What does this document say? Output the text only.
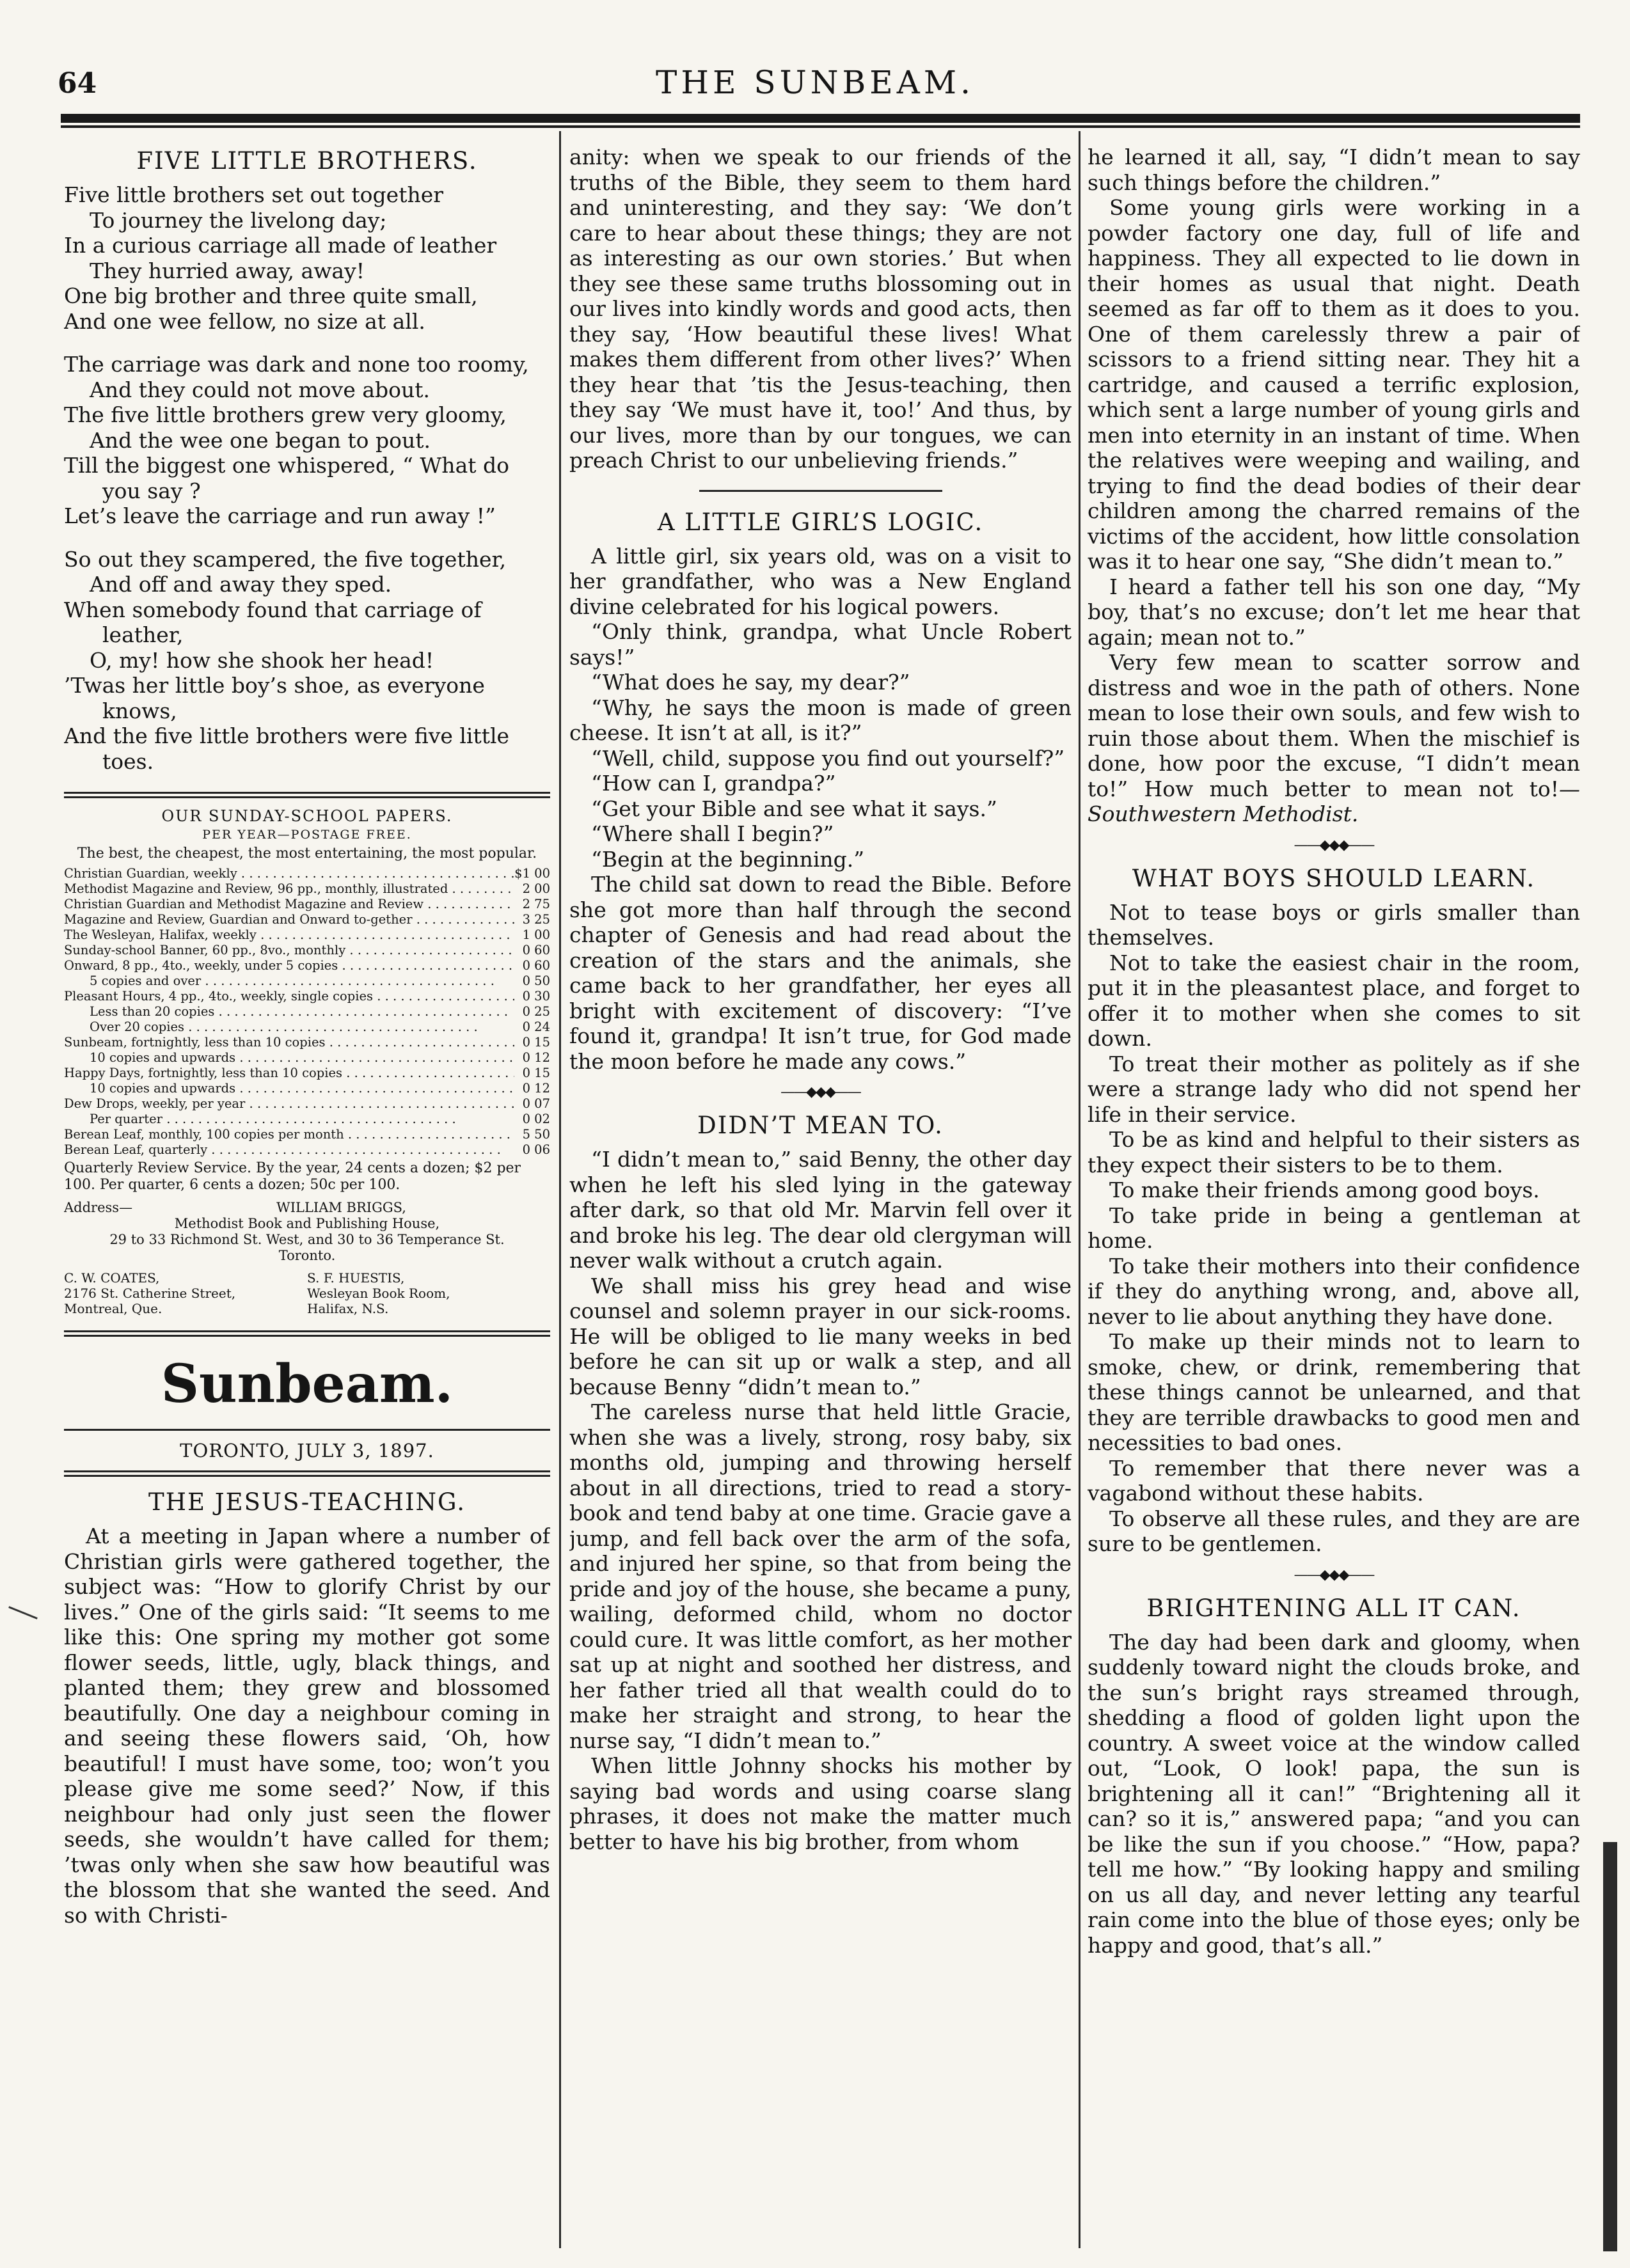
64	THE SUNBEAM.
FIVE LITTLE BROTHERS.
Five little brothers set out together
To journey the livelong day;
In a curious carriage all made of leather
They hurried away, away!
One big brother and three quite small,
And one wee fellow, no size at all.
The carriage was dark and none too roomy,
And they could not move about.
The five little brothers grew very gloomy,
And the wee one began to pout.
Till the biggest one whispered, “ What do
you say ?
Let’s leave the carriage and run away !”
So out they scampered, the five together,
And off and away they sped.
When somebody found that carriage of
leather,
O, my! how she shook her head!
’Twas her little boy’s shoe, as everyone
knows,
And the five little brothers were five little
toes.
OUR SUNDAY-SCHOOL PAPERS.
PER YEAR—POSTAGE FREE.
The best, the cheapest, the most entertaining, the most popular.
Christian Guardian, weekly . . .	$1 00
Methodist Magazine and Review, 96 pp., monthly, illustrated . . .	2 00
Christian Guardian and Methodist Magazine and Review . . .	2 75
Magazine and Review, Guardian and Onward to-gether . . .	3 25
The Wesleyan, Halifax, weekly . . .	1 00
Sunday-school Banner, 60 pp., 8vo., monthly . . .	0 60
Onward, 8 pp., 4to., weekly, under 5 copies . . .	0 60
5 copies and over . . .	0 50
Pleasant Hours, 4 pp., 4to., weekly, single copies . . .	0 30
Less than 20 copies . . .	0 25
Over 20 copies . . .	0 24
Sunbeam, fortnightly, less than 10 copies . . .	0 15
10 copies and upwards . . .	0 12
Happy Days, fortnightly, less than 10 copies . . .	0 15
10 copies and upwards . . .	0 12
Dew Drops, weekly, per year . . .	0 07
Per quarter . . .	0 02
Berean Leaf, monthly, 100 copies per month . . .	5 50
Berean Leaf, quarterly . . .	0 06
Quarterly Review Service. By the year, 24 cents a dozen; $2 per 100. Per quarter, 6 cents a dozen; 50c per 100.
Address—	WILLIAM BRIGGS,
Methodist Book and Publishing House,
29 to 33 Richmond St. West, and 30 to 36 Temperance St.
Toronto.
C. W. COATES,
2176 St. Catherine Street,
Montreal, Que.
S. F. HUESTIS,
Wesleyan Book Room,
Halifax, N.S.
Sunbeam.
TORONTO, JULY 3, 1897.
THE JESUS-TEACHING.

At a meeting in Japan where a number of Christian girls were gathered together, the subject was: “How to glorify Christ by our lives.” One of the girls said: “It seems to me like this: One spring my mother got some flower seeds, little, ugly, black things, and planted them; they grew and blossomed beautifully. One day a neighbour coming in and seeing these flowers said, ‘Oh, how beautiful! I must have some, too; won’t you please give me some seed?’ Now, if this neighbour had only just seen the flower seeds, she wouldn’t have called for them; ’twas only when she saw how beautiful was the blossom that she wanted the seed. And so with Christi-

anity: when we speak to our friends of the truths of the Bible, they seem to them hard and uninteresting, and they say: ‘We don’t care to hear about these things; they are not as interesting as our own stories.’ But when they see these same truths blossoming out in our lives into kindly words and good acts, then they say, ‘How beautiful these lives! What makes them different from other lives?’ When they hear that ’tis the Jesus-teaching, then they say ‘We must have it, too!’ And thus, by our lives, more than by our tongues, we can preach Christ to our unbelieving friends.”

A LITTLE GIRL’S LOGIC.

A little girl, six years old, was on a visit to her grandfather, who was a New England divine celebrated for his logical powers.

“Only think, grandpa, what Uncle Robert says!”

“What does he say, my dear?”

“Why, he says the moon is made of green cheese. It isn’t at all, is it?”

“Well, child, suppose you find out yourself?”

“How can I, grandpa?”

“Get your Bible and see what it says.”

“Where shall I begin?”

“Begin at the beginning.”

The child sat down to read the Bible. Before she got more than half through the second chapter of Genesis and had read about the creation of the stars and the animals, she came back to her grandfather, her eyes all bright with excitement of discovery: “I’ve found it, grandpa! It isn’t true, for God made the moon before he made any cows.”

——◆◆◆——
DIDN’T MEAN TO.

“I didn’t mean to,” said Benny, the other day when he left his sled lying in the gateway after dark, so that old Mr. Marvin fell over it and broke his leg. The dear old clergyman will never walk without a crutch again.

We shall miss his grey head and wise counsel and solemn prayer in our sick-rooms. He will be obliged to lie many weeks in bed before he can sit up or walk a step, and all because Benny “didn’t mean to.”

The careless nurse that held little Gracie, when she was a lively, strong, rosy baby, six months old, jumping and throwing herself about in all directions, tried to read a story-book and tend baby at one time. Gracie gave a jump, and fell back over the arm of the sofa, and injured her spine, so that from being the pride and joy of the house, she became a puny, wailing, deformed child, whom no doctor could cure. It was little comfort, as her mother sat up at night and soothed her distress, and her father tried all that wealth could do to make her straight and strong, to hear the nurse say, “I didn’t mean to.”

When little Johnny shocks his mother by saying bad words and using coarse slang phrases, it does not make the matter much better to have his big brother, from whom

he learned it all, say, “I didn’t mean to say such things before the children.”

Some young girls were working in a powder factory one day, full of life and happiness. They all expected to lie down in their homes as usual that night. Death seemed as far off to them as it does to you. One of them carelessly threw a pair of scissors to a friend sitting near. They hit a cartridge, and caused a terrific explosion, which sent a large number of young girls and men into eternity in an instant of time. When the relatives were weeping and wailing, and trying to find the dead bodies of their dear children among the charred remains of the victims of the accident, how little consolation was it to hear one say, “She didn’t mean to.”

I heard a father tell his son one day, “My boy, that’s no excuse; don’t let me hear that again; mean not to.”

Very few mean to scatter sorrow and distress and woe in the path of others. None mean to lose their own souls, and few wish to ruin those about them. When the mischief is done, how poor the excuse, “I didn’t mean to!” How much better to mean not to!—Southwestern Methodist.

——◆◆◆——
WHAT BOYS SHOULD LEARN.

Not to tease boys or girls smaller than themselves.

Not to take the easiest chair in the room, put it in the pleasantest place, and forget to offer it to mother when she comes to sit down.

To treat their mother as politely as if she were a strange lady who did not spend her life in their service.

To be as kind and helpful to their sisters as they expect their sisters to be to them.

To make their friends among good boys.

To take pride in being a gentleman at home.

To take their mothers into their confidence if they do anything wrong, and, above all, never to lie about anything they have done.

To make up their minds not to learn to smoke, chew, or drink, remembering that these things cannot be unlearned, and that they are terrible drawbacks to good men and necessities to bad ones.

To remember that there never was a vagabond without these habits.

To observe all these rules, and they are are sure to be gentlemen.

——◆◆◆——
BRIGHTENING ALL IT CAN.

The day had been dark and gloomy, when suddenly toward night the clouds broke, and the sun’s bright rays streamed through, shedding a flood of golden light upon the country. A sweet voice at the window called out, “Look, O look! papa, the sun is brightening all it can!” “Brightening all it can? so it is,” answered papa; “and you can be like the sun if you choose.” “How, papa? tell me how.” “By looking happy and smiling on us all day, and never letting any tearful rain come into the blue of those eyes; only be happy and good, that’s all.”
